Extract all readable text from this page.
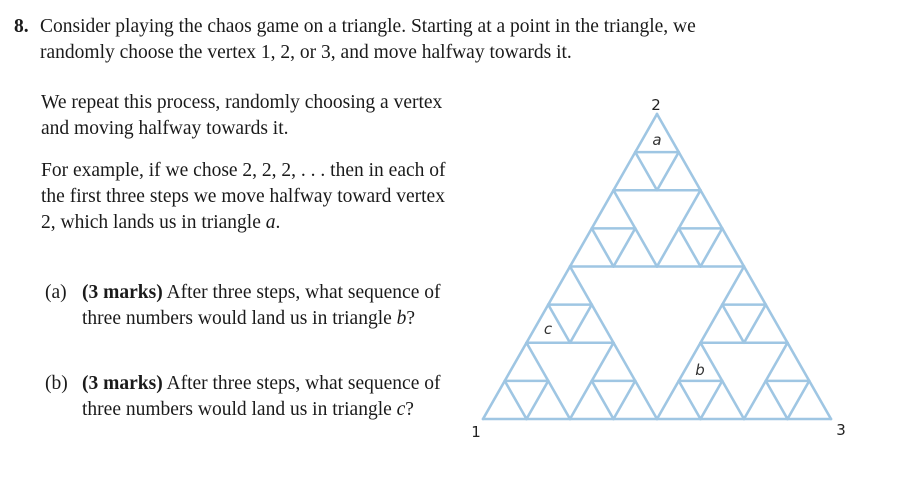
8. Consider playing the chaos game on a triangle. Starting at a point in the triangle, we
randomly choose the vertex 1, 2, or 3, and move halfway towards it.
We repeat this process, randomly choosing a vertex and moving halfway towards it.
For example, if we chose 2, 2, 2, . . . then in each of the first three steps we move halfway toward vertex 2, which lands us in triangle a.
(a) (3 marks) After three steps, what sequence of three numbers would land us in triangle b?
(b) (3 marks) After three steps, what sequence of three numbers would land us in triangle c?
2
1	3
a
c
b
